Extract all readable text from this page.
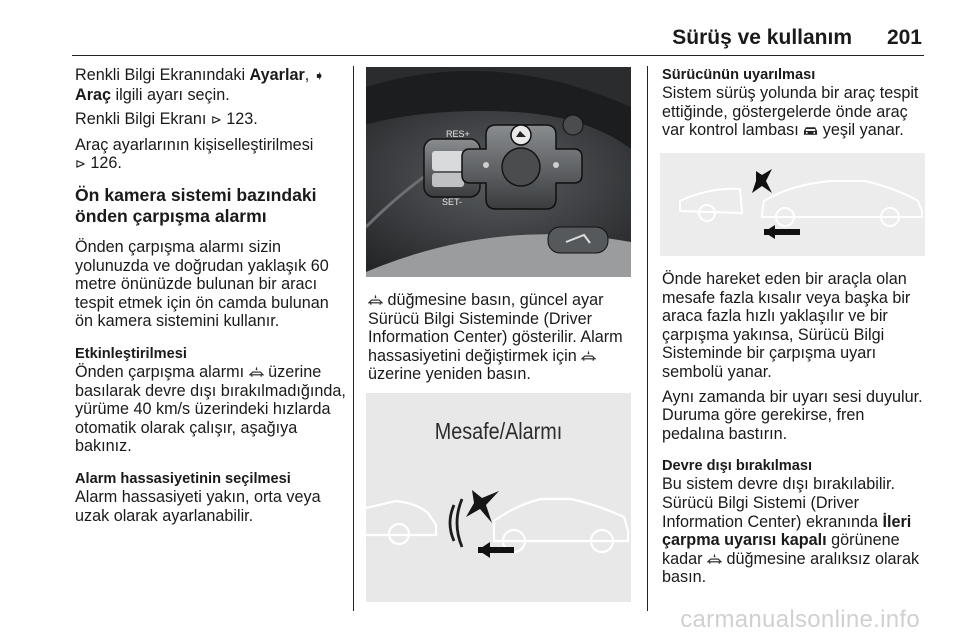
Sürüş ve kullanım 201

Renkli Bilgi Ekranındaki Ayarlar, ➧
Araç ilgili ayarı seçin.

Renkli Bilgi Ekranı ⊳ 123.

Araç ayarlarının kişiselleştirilmesi
⊳ 126.

Ön kamera sistemi bazındaki önden çarpışma alarmı

Önden çarpışma alarmı sizin yolunuzda ve doğrudan yaklaşık 60 metre önünüzde bulunan bir aracı tespit etmek için ön camda bulunan ön kamera sistemini kullanır.

Etkinleştirilmesi

Önden çarpışma alarmı  üzerine basılarak devre dışı bırakılmadığında, yürüme 40 km/s üzerindeki hızlarda otomatik olarak çalışır, aşağıya bakınız.

Alarm hassasiyetinin seçilmesi

Alarm hassasiyeti yakın, orta veya uzak olarak ayarlanabilir.

RES+
SET-

düğmesine basın, güncel ayar Sürücü Bilgi Sisteminde (Driver Information Center) gösterilir. Alarm hassasiyetini değiştirmek için
üzerine yeniden basın.

Mesafe/Alarmı
Sürücünün uyarılması

Sistem sürüş yolunda bir araç tespit ettiğinde, göstergelerde önde araç var kontrol lambası  yeşil yanar.

Önde hareket eden bir araçla olan mesafe fazla kısalır veya başka bir araca fazla hızlı yaklaşılır ve bir çarpışma yakınsa, Sürücü Bilgi Sisteminde bir çarpışma uyarı sembolü yanar.

Aynı zamanda bir uyarı sesi duyulur. Duruma göre gerekirse, fren pedalına bastırın.

Devre dışı bırakılması

Bu sistem devre dışı bırakılabilir. Sürücü Bilgi Sistemi (Driver Information Center) ekranında İleri çarpma uyarısı kapalı görünene kadar  düğmesine aralıksız olarak basın.

carmanualsonline.info
